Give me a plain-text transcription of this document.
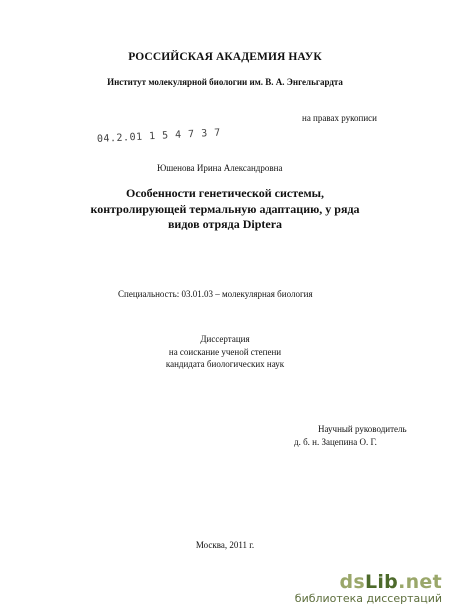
РОССИЙСКАЯ АКАДЕМИЯ НАУК
Институт молекулярной биологии им. В. А. Энгельгардта
на правах рукописи
04.2.01 1 5 4 7 3 7
Юшенова Ирина Александровна
Особенности генетической системы,
контролирующей термальную адаптацию, у ряда
видов отряда Diptera
Специальность: 03.01.03 – молекулярная биология
Диссертация
на соискание ученой степени
кандидата биологических наук
Научный руководитель
д. б. н. Зацепина О. Г.
Москва, 2011 г.
dsLib.net
библиотека диссертаций
